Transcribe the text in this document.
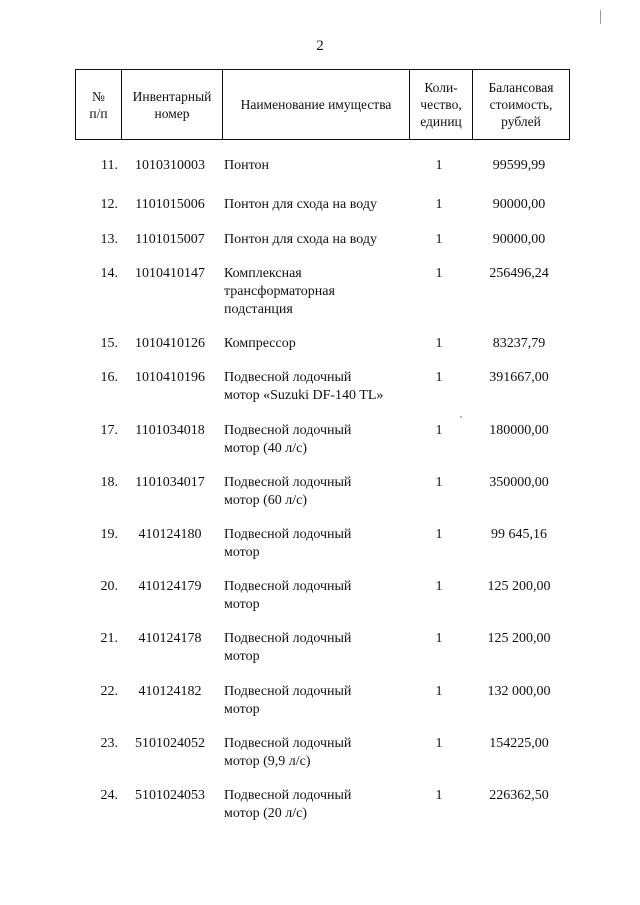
2
№
п/п	Инвентарный
номер	Наименование имущества	Коли-
чество,
единиц	Балансовая
стоимость,
рублей
11.	1010310003	Понтон	1	99599,99
12.	1101015006	Понтон для схода на воду	1	90000,00
13.	1101015007	Понтон для схода на воду	1	90000,00
14.	1010410147	Комплексная
трансформаторная
подстанция
1	256496,24
15.	1010410126	Компрессор	1	83237,79
16.	1010410196	Подвесной лодочный
мотор «Suzuki DF-140 TL»
1	391667,00
17.	1101034018	Подвесной лодочный
мотор (40 л/с)
1	180000,00
18.	1101034017	Подвесной лодочный
мотор (60 л/с)
1	350000,00
19.	410124180	Подвесной лодочный
мотор
1	99 645,16
20.	410124179	Подвесной лодочный
мотор
1	125 200,00
21.	410124178	Подвесной лодочный
мотор
1	125 200,00
22.	410124182	Подвесной лодочный
мотор
1	132 000,00
23.	5101024052	Подвесной лодочный
мотор (9,9 л/с)
1	154225,00
24.	5101024053	Подвесной лодочный
мотор (20 л/с)
1	226362,50
